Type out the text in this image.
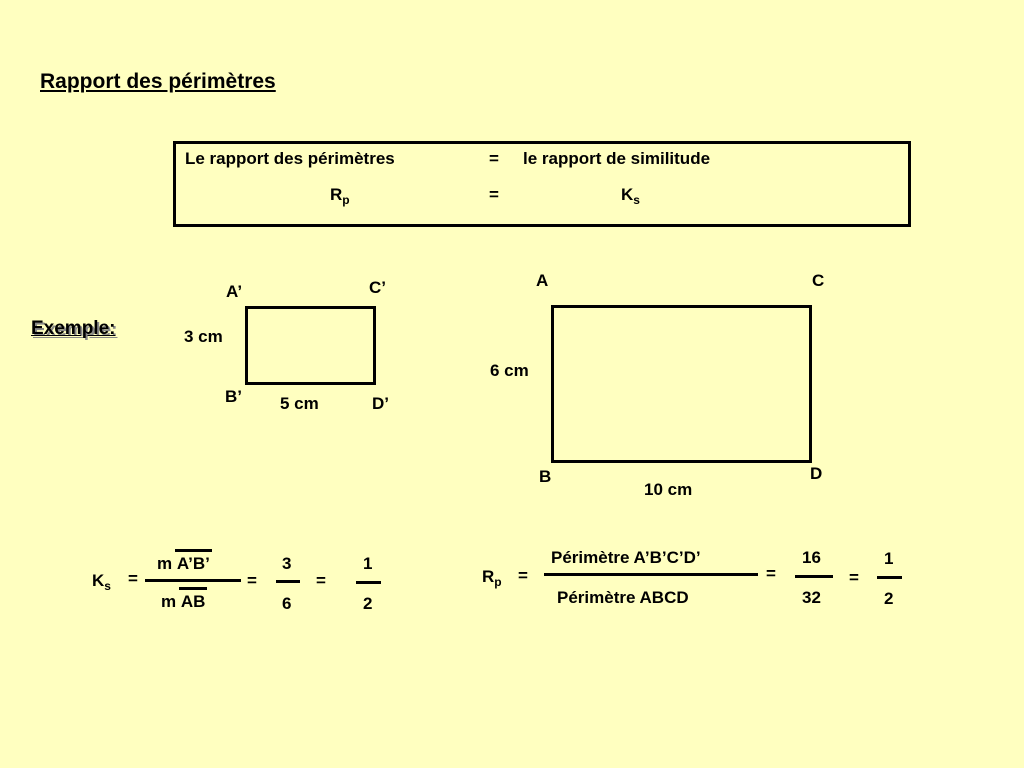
Rapport des périmètres
Le rapport des périmètres	= le rapport de similitude
$R_p$	=	$K_s$
Exemple:
A’	C’
B’	D’
3 cm
5 cm
A	C
B	D
6 cm
10 cm
$K_s$ =
m A’B’
m AB
=
3
6
=
1
2
$R_p$ =
Périmètre A’B’C’D’
Périmètre ABCD
=
16
32
=
1
2
